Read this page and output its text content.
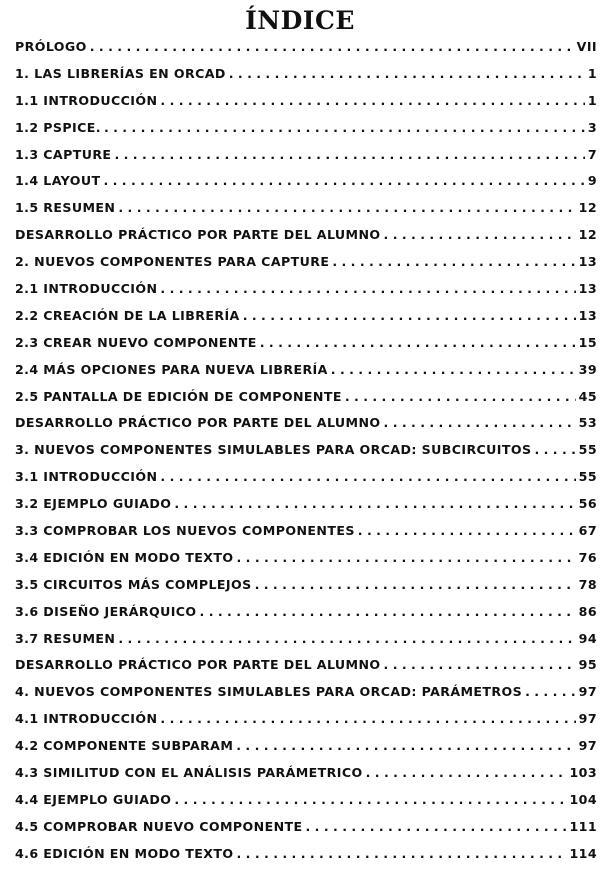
ÍNDICE
PRÓLOGO . . .	VII
1. LAS LIBRERÍAS EN ORCAD . . .	1
1.1 INTRODUCCIÓN . . .	1
1.2 PSPICE. . . .	3
1.3 CAPTURE . . .	7
1.4 LAYOUT . . .	9
1.5 RESUMEN . . .	12
DESARROLLO PRÁCTICO POR PARTE DEL ALUMNO . . .	12
2. NUEVOS COMPONENTES PARA CAPTURE . . .	13
2.1 INTRODUCCIÓN . . .	13
2.2 CREACIÓN DE LA LIBRERÍA . . .	13
2.3 CREAR NUEVO COMPONENTE . . .	15
2.4 MÁS OPCIONES PARA NUEVA LIBRERÍA . . .	39
2.5 PANTALLA DE EDICIÓN DE COMPONENTE . . .	45
DESARROLLO PRÁCTICO POR PARTE DEL ALUMNO . . .	53
3. NUEVOS COMPONENTES SIMULABLES PARA ORCAD: SUBCIRCUITOS . . .	55
3.1 INTRODUCCIÓN . . .	55
3.2 EJEMPLO GUIADO . . .	56
3.3 COMPROBAR LOS NUEVOS COMPONENTES . . .	67
3.4 EDICIÓN EN MODO TEXTO . . .	76
3.5 CIRCUITOS MÁS COMPLEJOS . . .	78
3.6 DISEÑO JERÁRQUICO . . .	86
3.7 RESUMEN . . .	94
DESARROLLO PRÁCTICO POR PARTE DEL ALUMNO . . .	95
4. NUEVOS COMPONENTES SIMULABLES PARA ORCAD: PARÁMETROS . . .	97
4.1 INTRODUCCIÓN . . .	97
4.2 COMPONENTE SUBPARAM . . .	97
4.3 SIMILITUD CON EL ANÁLISIS PARÁMETRICO . . .	103
4.4 EJEMPLO GUIADO . . .	104
4.5 COMPROBAR NUEVO COMPONENTE . . .	111
4.6 EDICIÓN EN MODO TEXTO . . .	114
